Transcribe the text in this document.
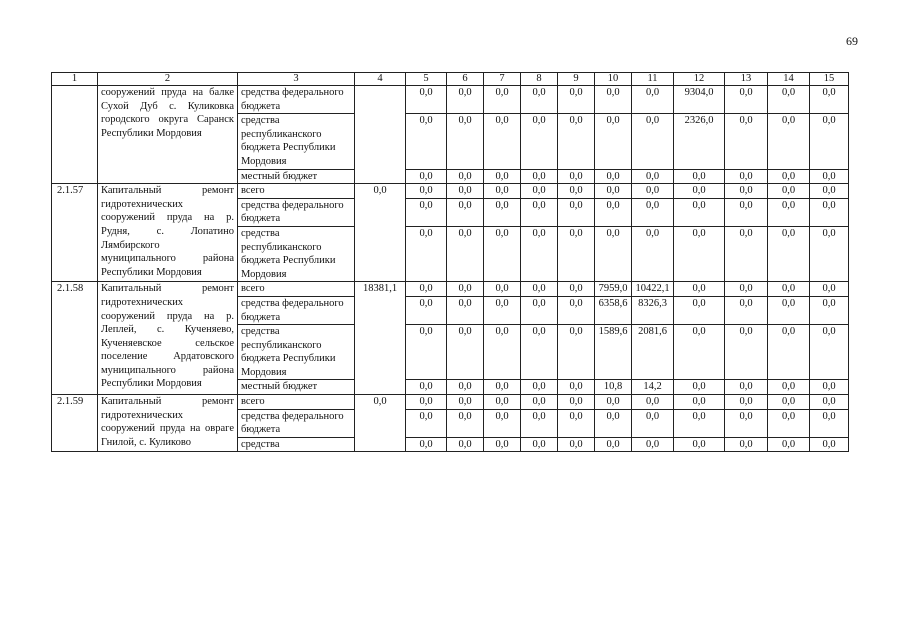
69
1	2	3	4	5	6	7	8	9	10	11	12	13	14	15
	сооружений пруда на балке Сухой Дуб с. Куликовка городского округа Саранск Республики Мордовия	средства федерального бюджета		0,0	0,0	0,0	0,0	0,0	0,0	0,0	9304,0	0,0	0,0	0,0
		средства республиканского бюджета Республики Мордовия		0,0	0,0	0,0	0,0	0,0	0,0	0,0	2326,0	0,0	0,0	0,0
		местный бюджет		0,0	0,0	0,0	0,0	0,0	0,0	0,0	0,0	0,0	0,0	0,0
2.1.57	Капитальный ремонт гидротехнических сооружений пруда на р. Рудня, с. Лопатино Лямбирского муниципального района Республики Мордовия	всего	0,0	0,0	0,0	0,0	0,0	0,0	0,0	0,0	0,0	0,0	0,0	0,0
		средства федерального бюджета		0,0	0,0	0,0	0,0	0,0	0,0	0,0	0,0	0,0	0,0	0,0
		средства республиканского бюджета Республики Мордовия		0,0	0,0	0,0	0,0	0,0	0,0	0,0	0,0	0,0	0,0	0,0
2.1.58	Капитальный ремонт гидротехнических сооружений пруда на р. Леплей, с. Кученяево, Кученяевское сельское поселение Ардатовского муниципального района Республики Мордовия	всего	18381,1	0,0	0,0	0,0	0,0	0,0	7959,0	10422,1	0,0	0,0	0,0	0,0
		средства федерального бюджета		0,0	0,0	0,0	0,0	0,0	6358,6	8326,3	0,0	0,0	0,0	0,0
		средства республиканского бюджета Республики Мордовия		0,0	0,0	0,0	0,0	0,0	1589,6	2081,6	0,0	0,0	0,0	0,0
		местный бюджет		0,0	0,0	0,0	0,0	0,0	10,8	14,2	0,0	0,0	0,0	0,0
2.1.59	Капитальный ремонт гидротехнических сооружений пруда на овраге Гнилой, с. Куликово	всего	0,0	0,0	0,0	0,0	0,0	0,0	0,0	0,0	0,0	0,0	0,0	0,0
		средства федерального бюджета		0,0	0,0	0,0	0,0	0,0	0,0	0,0	0,0	0,0	0,0	0,0
		средства		0,0	0,0	0,0	0,0	0,0	0,0	0,0	0,0	0,0	0,0	0,0
